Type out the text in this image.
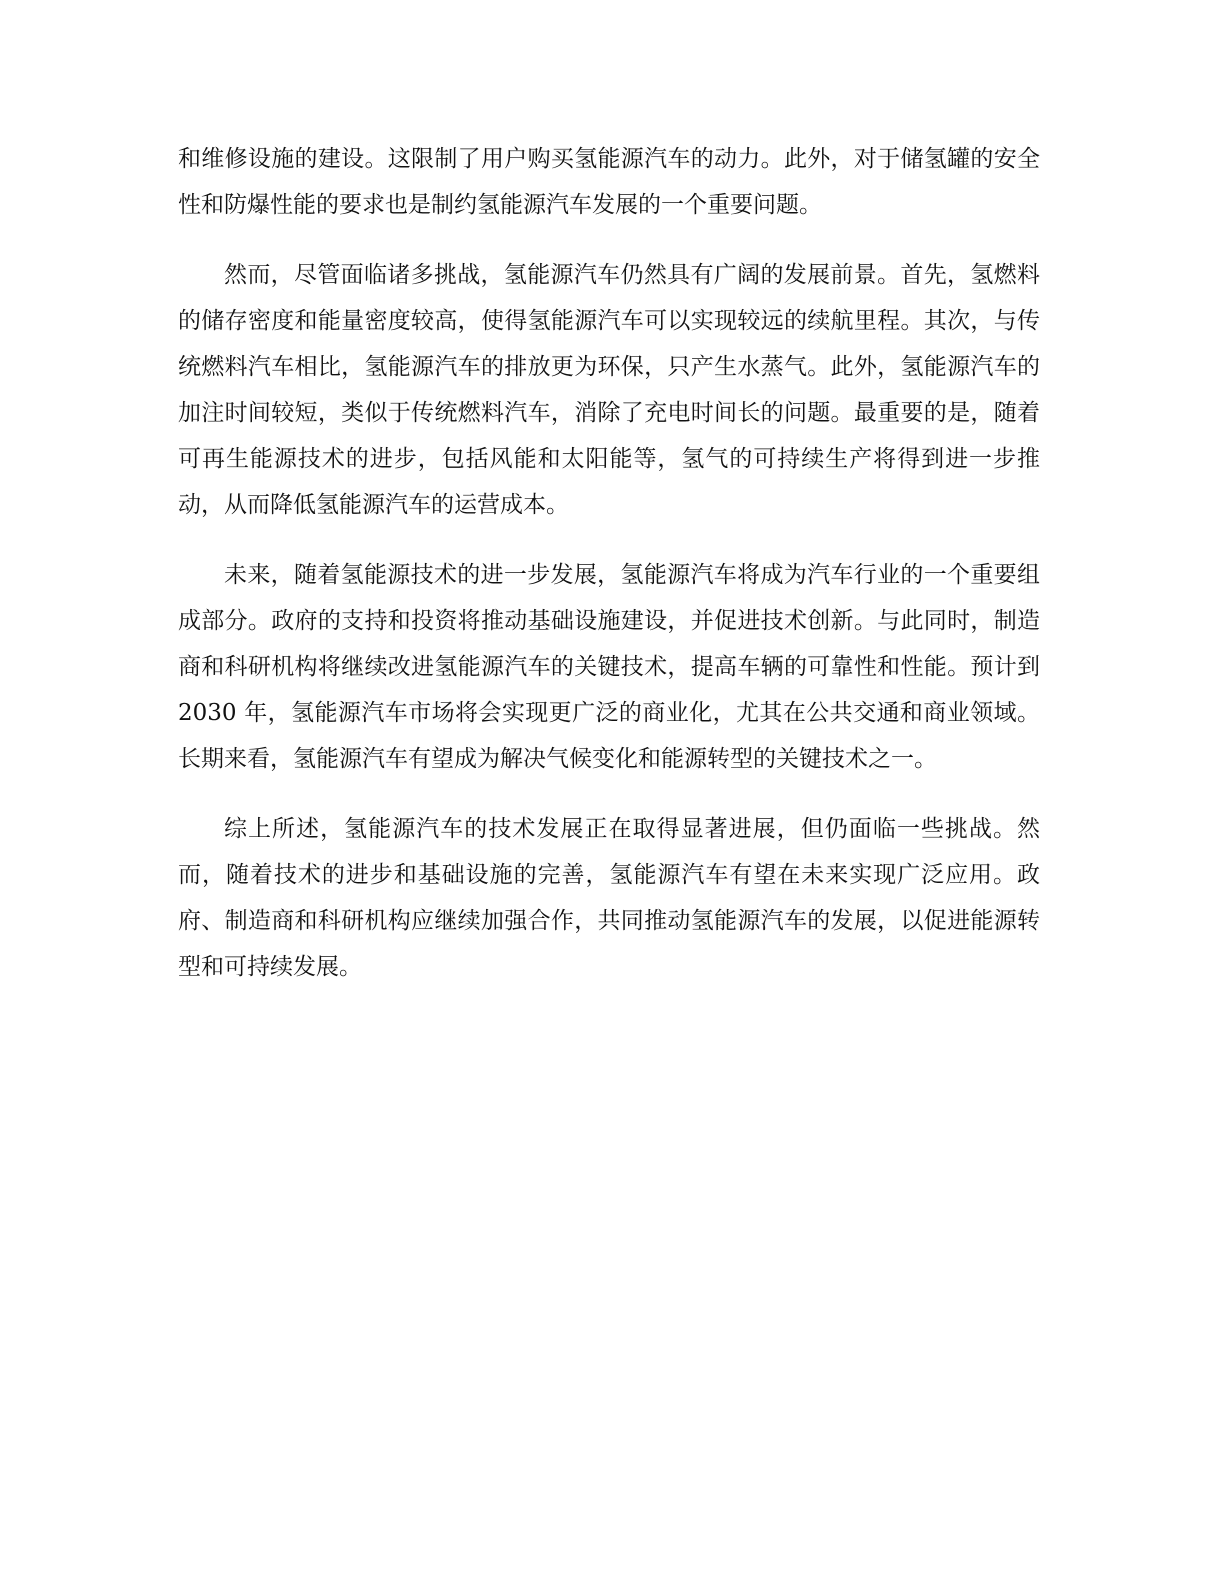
和维修设施的建设。这限制了用户购买氢能源汽车的动力。此外，对于储氢罐的安全性和防爆性能的要求也是制约氢能源汽车发展的一个重要问题。

然而，尽管面临诸多挑战，氢能源汽车仍然具有广阔的发展前景。首先，氢燃料的储存密度和能量密度较高，使得氢能源汽车可以实现较远的续航里程。其次，与传统燃料汽车相比，氢能源汽车的排放更为环保，只产生水蒸气。此外，氢能源汽车的加注时间较短，类似于传统燃料汽车，消除了充电时间长的问题。最重要的是，随着可再生能源技术的进步，包括风能和太阳能等，氢气的可持续生产将得到进一步推动，从而降低氢能源汽车的运营成本。

未来，随着氢能源技术的进一步发展，氢能源汽车将成为汽车行业的一个重要组成部分。政府的支持和投资将推动基础设施建设，并促进技术创新。与此同时，制造商和科研机构将继续改进氢能源汽车的关键技术，提高车辆的可靠性和性能。预计到 2030 年，氢能源汽车市场将会实现更广泛的商业化，尤其在公共交通和商业领域。长期来看，氢能源汽车有望成为解决气候变化和能源转型的关键技术之一。

综上所述，氢能源汽车的技术发展正在取得显著进展，但仍面临一些挑战。然而，随着技术的进步和基础设施的完善，氢能源汽车有望在未来实现广泛应用。政府、制造商和科研机构应继续加强合作，共同推动氢能源汽车的发展，以促进能源转型和可持续发展。
